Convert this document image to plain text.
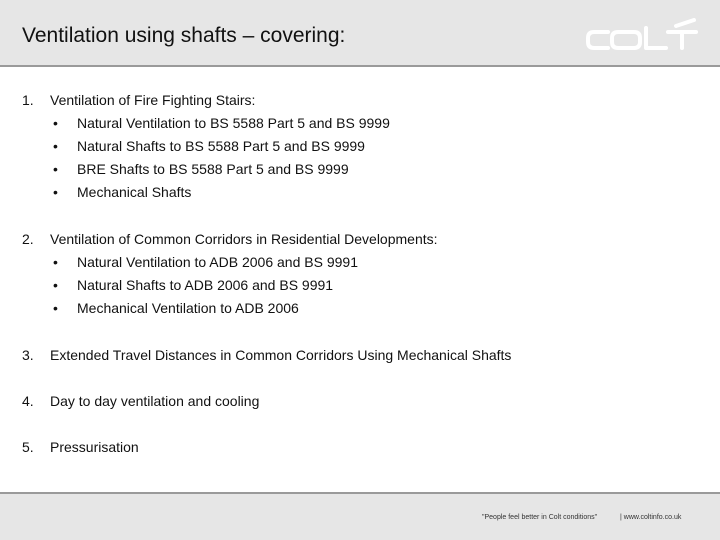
Ventilation using shafts – covering:
1. Ventilation of Fire Fighting Stairs:
• Natural Ventilation to BS 5588 Part 5 and BS 9999
• Natural Shafts to BS 5588 Part 5 and BS 9999
• BRE Shafts to BS 5588 Part 5 and BS 9999
• Mechanical Shafts
2. Ventilation of Common Corridors in Residential Developments:
• Natural Ventilation to ADB 2006 and BS 9991
• Natural Shafts to ADB 2006 and BS 9991
• Mechanical Ventilation to ADB 2006
3. Extended Travel Distances in Common Corridors Using Mechanical Shafts
4. Day to day ventilation and cooling
5. Pressurisation
"People feel better in Colt conditions"	| www.coltinfo.co.uk
